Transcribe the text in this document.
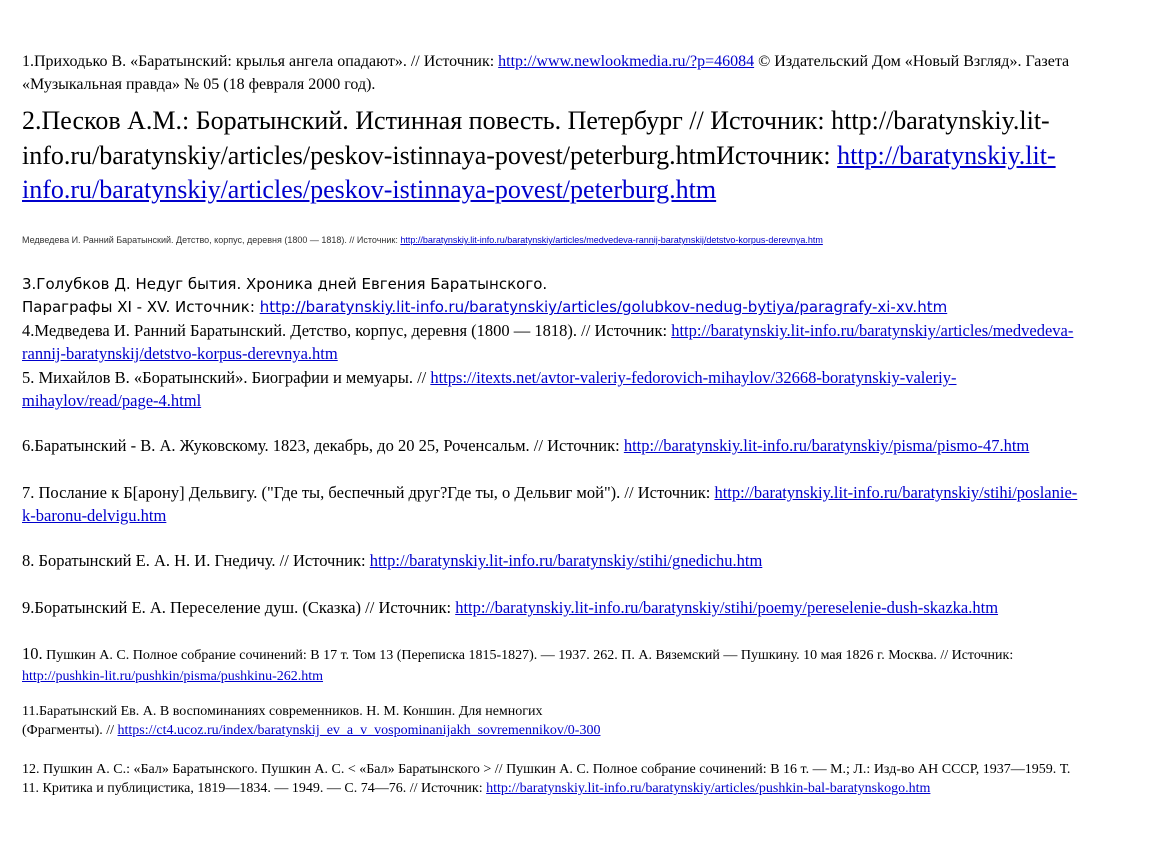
1.Приходько В. «Баратынский: крылья ангела опадают». // Источник: http://www.newlookmedia.ru/?p=46084 © Издательский Дом «Новый Взгляд». Газета «Музыкальная правда» № 05 (18 февраля 2000 год).
2.Песков А.М.: Боратынский. Истинная повесть. Петербург // Источник: http://baratynskiy.lit-info.ru/baratynskiy/articles/peskov-istinnaya-povest/peterburg.htmИсточник: http://baratynskiy.lit-info.ru/baratynskiy/articles/peskov-istinnaya-povest/peterburg.htm
Медведева И. Ранний Баратынский. Детство, корпус, деревня (1800 — 1818). // Источник: http://baratynskiy.lit-info.ru/baratynskiy/articles/medvedeva-rannij-baratynskij/detstvo-korpus-derevnya.htm
3.Голубков Д. Недуг бытия. Хроника дней Евгения Баратынского.
Параграфы XI - XV. Источник: http://baratynskiy.lit-info.ru/baratynskiy/articles/golubkov-nedug-bytiya/paragrafy-xi-xv.htm
4.Медведева И. Ранний Баратынский. Детство, корпус, деревня (1800 — 1818). // Источник: http://baratynskiy.lit-info.ru/baratynskiy/articles/medvedeva-rannij-baratynskij/detstvo-korpus-derevnya.htm
5. Михайлов В. «Боратынский». Биографии и мемуары. // https://itexts.net/avtor-valeriy-fedorovich-mihaylov/32668-boratynskiy-valeriy-mihaylov/read/page-4.html
6.Баратынский - В. А. Жуковскому. 1823, декабрь, до 20 25, Роченсальм. // Источник: http://baratynskiy.lit-info.ru/baratynskiy/pisma/pismo-47.htm
7. Послание к Б[арону] Дельвигу. ("Где ты, беспечный друг?Где ты, о Дельвиг мой"). // Источник: http://baratynskiy.lit-info.ru/baratynskiy/stihi/poslanie-k-baronu-delvigu.htm
8. Боратынский Е. А. Н. И. Гнедичу. // Источник: http://baratynskiy.lit-info.ru/baratynskiy/stihi/gnedichu.htm
9.Боратынский Е. А. Переселение душ. (Сказка) // Источник: http://baratynskiy.lit-info.ru/baratynskiy/stihi/poemy/pereselenie-dush-skazka.htm
10. Пушкин А. С. Полное собрание сочинений: В 17 т. Том 13 (Переписка 1815-1827). — 1937. 262. П. А. Вяземский — Пушкину. 10 мая 1826 г. Москва. // Источник: http://pushkin-lit.ru/pushkin/pisma/pushkinu-262.htm
11.Баратынский Ев. А. В воспоминаниях современников. Н. М. Коншин. Для немногих
(Фрагменты). // https://ct4.ucoz.ru/index/baratynskij_ev_a_v_vospominanijakh_sovremennikov/0-300
12. Пушкин А. С.: «Бал» Баратынского. Пушкин А. С. < «Бал» Баратынского > // Пушкин А. С. Полное собрание сочинений: В 16 т. — М.; Л.: Изд-во АН СССР, 1937—1959. Т. 11. Критика и публицистика, 1819—1834. — 1949. — С. 74—76. // Источник: http://baratynskiy.lit-info.ru/baratynskiy/articles/pushkin-bal-baratynskogo.htm
